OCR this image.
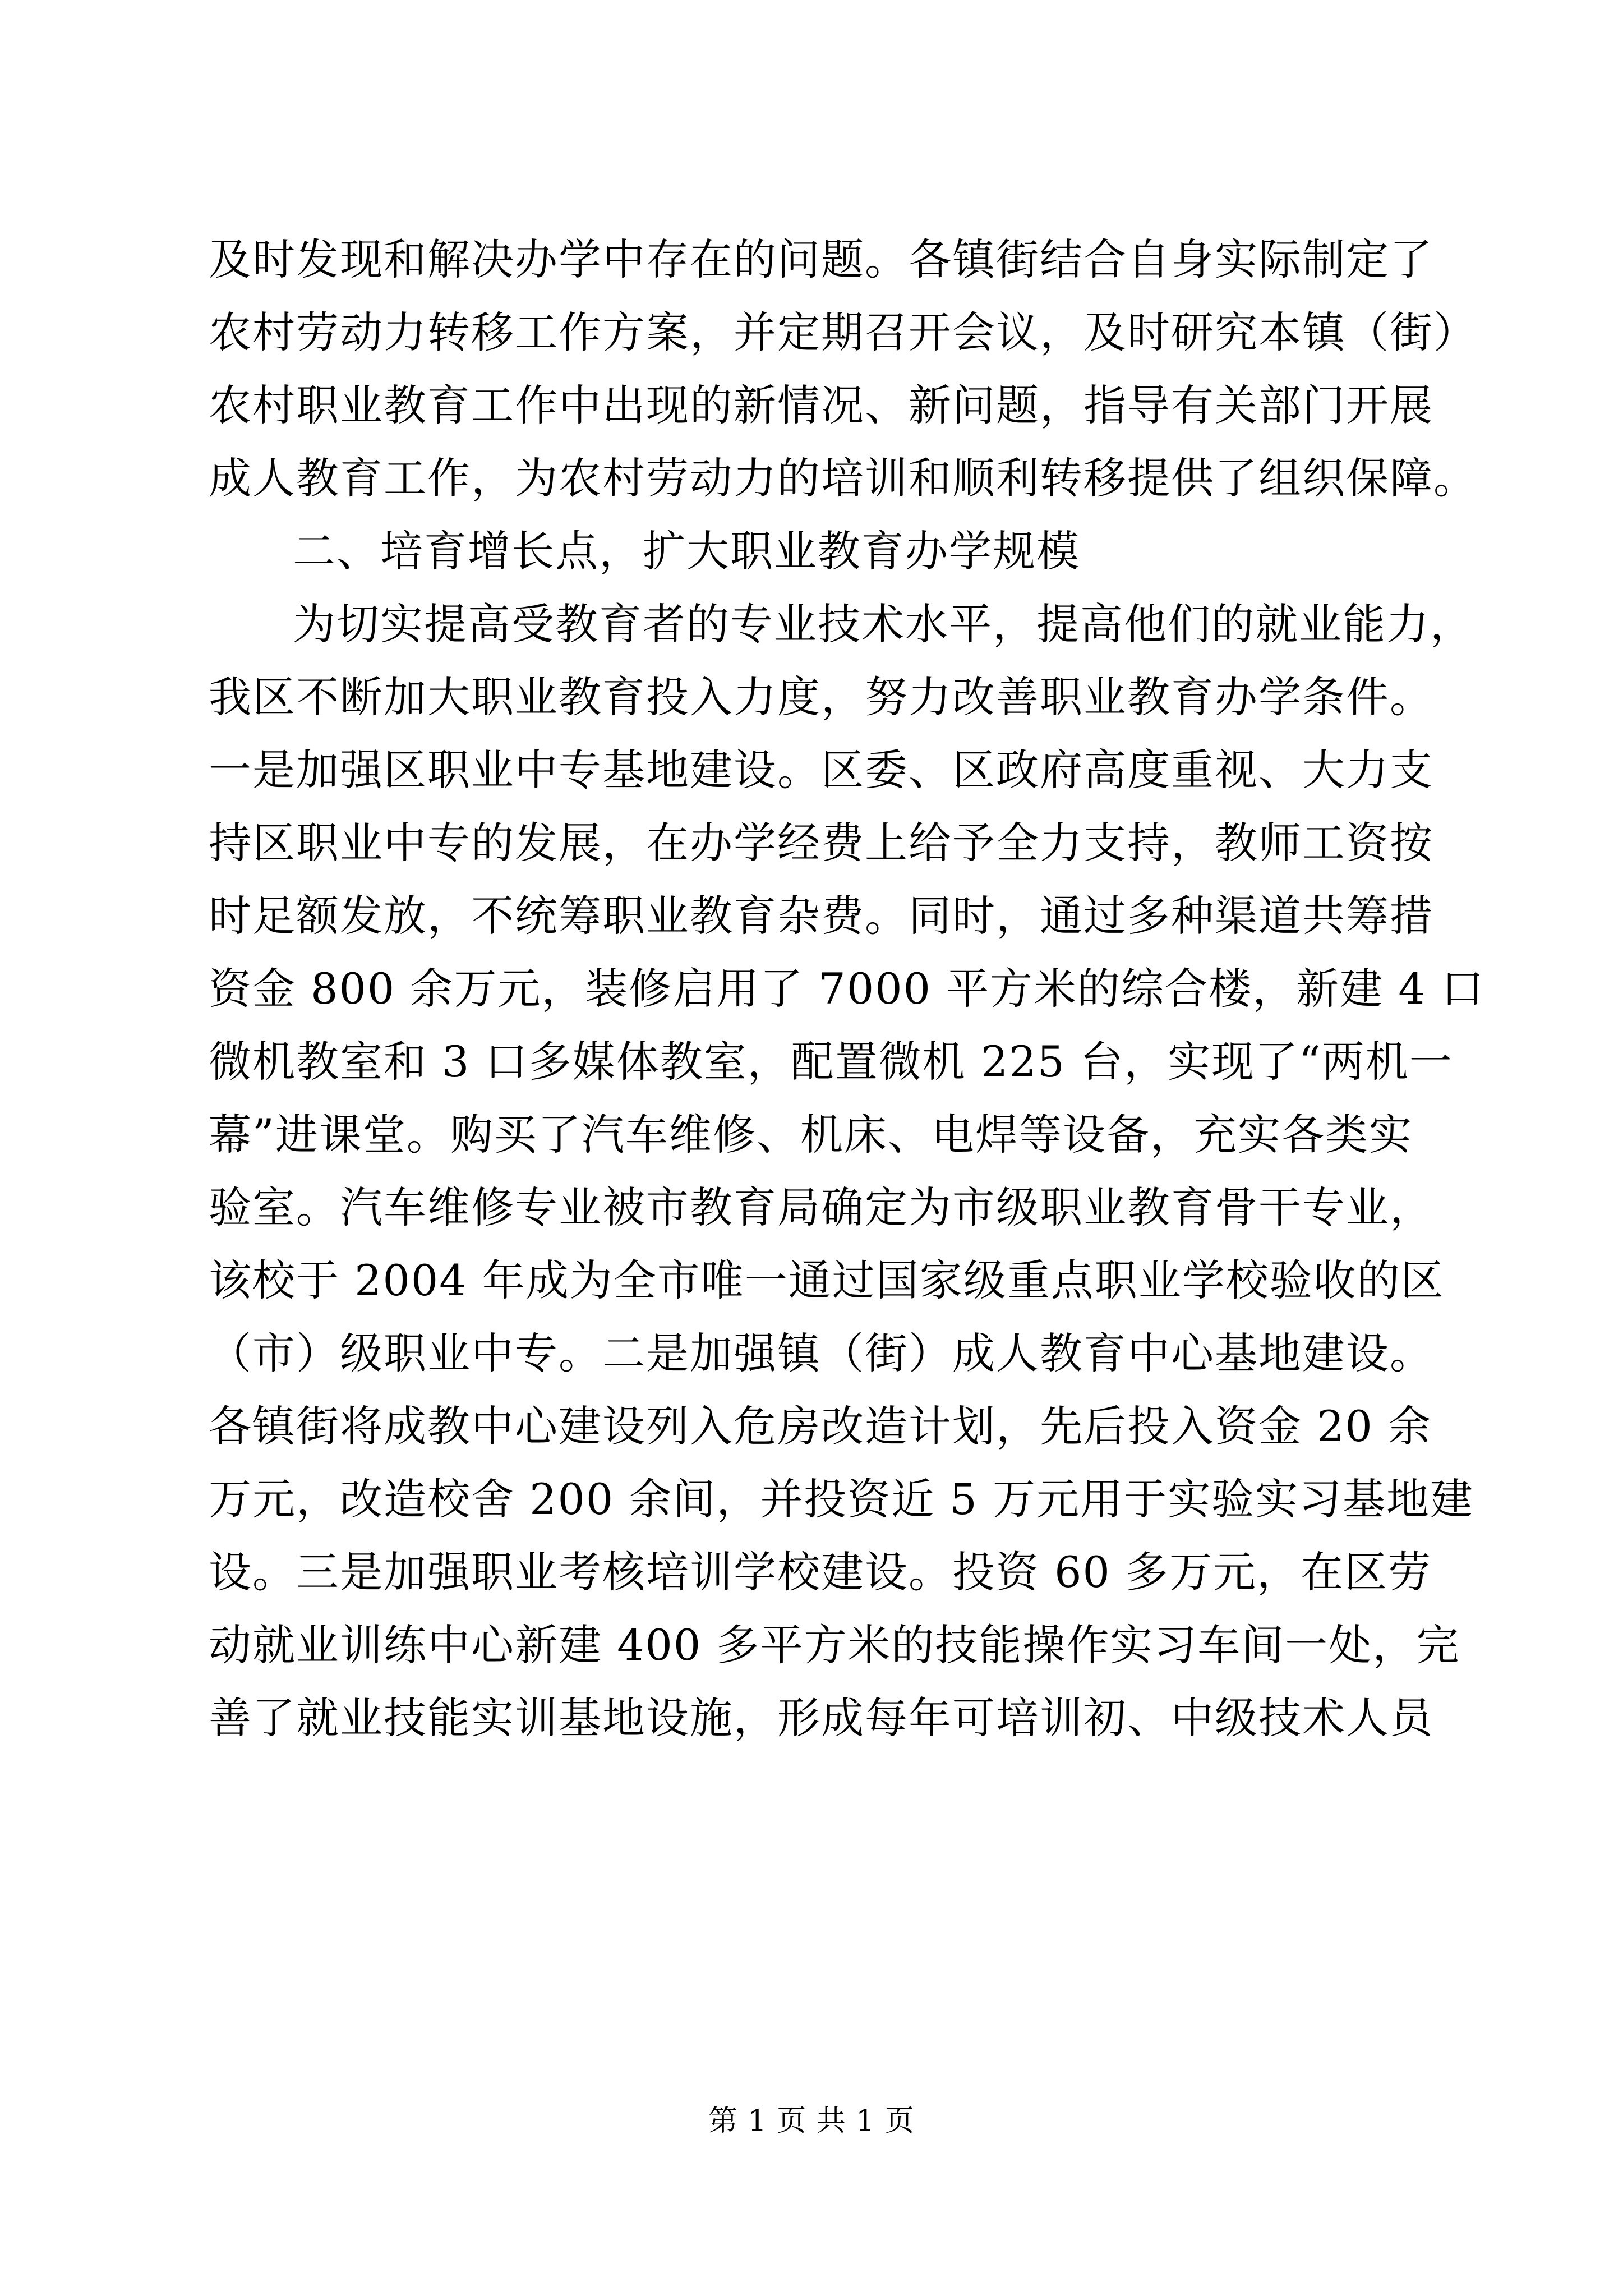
及时发现和解决办学中存在的问题。各镇街结合自身实际制定了
农村劳动力转移工作方案，并定期召开会议，及时研究本镇（街）
农村职业教育工作中出现的新情况、新问题，指导有关部门开展
成人教育工作，为农村劳动力的培训和顺利转移提供了组织保障。
二、培育增长点，扩大职业教育办学规模
为切实提高受教育者的专业技术水平，提高他们的就业能力，
我区不断加大职业教育投入力度，努力改善职业教育办学条件。
一是加强区职业中专基地建设。区委、区政府高度重视、大力支
持区职业中专的发展，在办学经费上给予全力支持，教师工资按
时足额发放，不统筹职业教育杂费。同时，通过多种渠道共筹措
资金 800 余万元，装修启用了 7000 平方米的综合楼，新建 4 口
微机教室和 3 口多媒体教室，配置微机 225 台，实现了“两机一
幕”进课堂。购买了汽车维修、机床、电焊等设备，充实各类实
验室。汽车维修专业被市教育局确定为市级职业教育骨干专业，
该校于 2004 年成为全市唯一通过国家级重点职业学校验收的区
（市）级职业中专。二是加强镇（街）成人教育中心基地建设。
各镇街将成教中心建设列入危房改造计划，先后投入资金 20 余
万元，改造校舍 200 余间，并投资近 5 万元用于实验实习基地建
设。三是加强职业考核培训学校建设。投资 60 多万元，在区劳
动就业训练中心新建 400 多平方米的技能操作实习车间一处，完
善了就业技能实训基地设施，形成每年可培训初、中级技术人员
第 1 页 共 1 页
